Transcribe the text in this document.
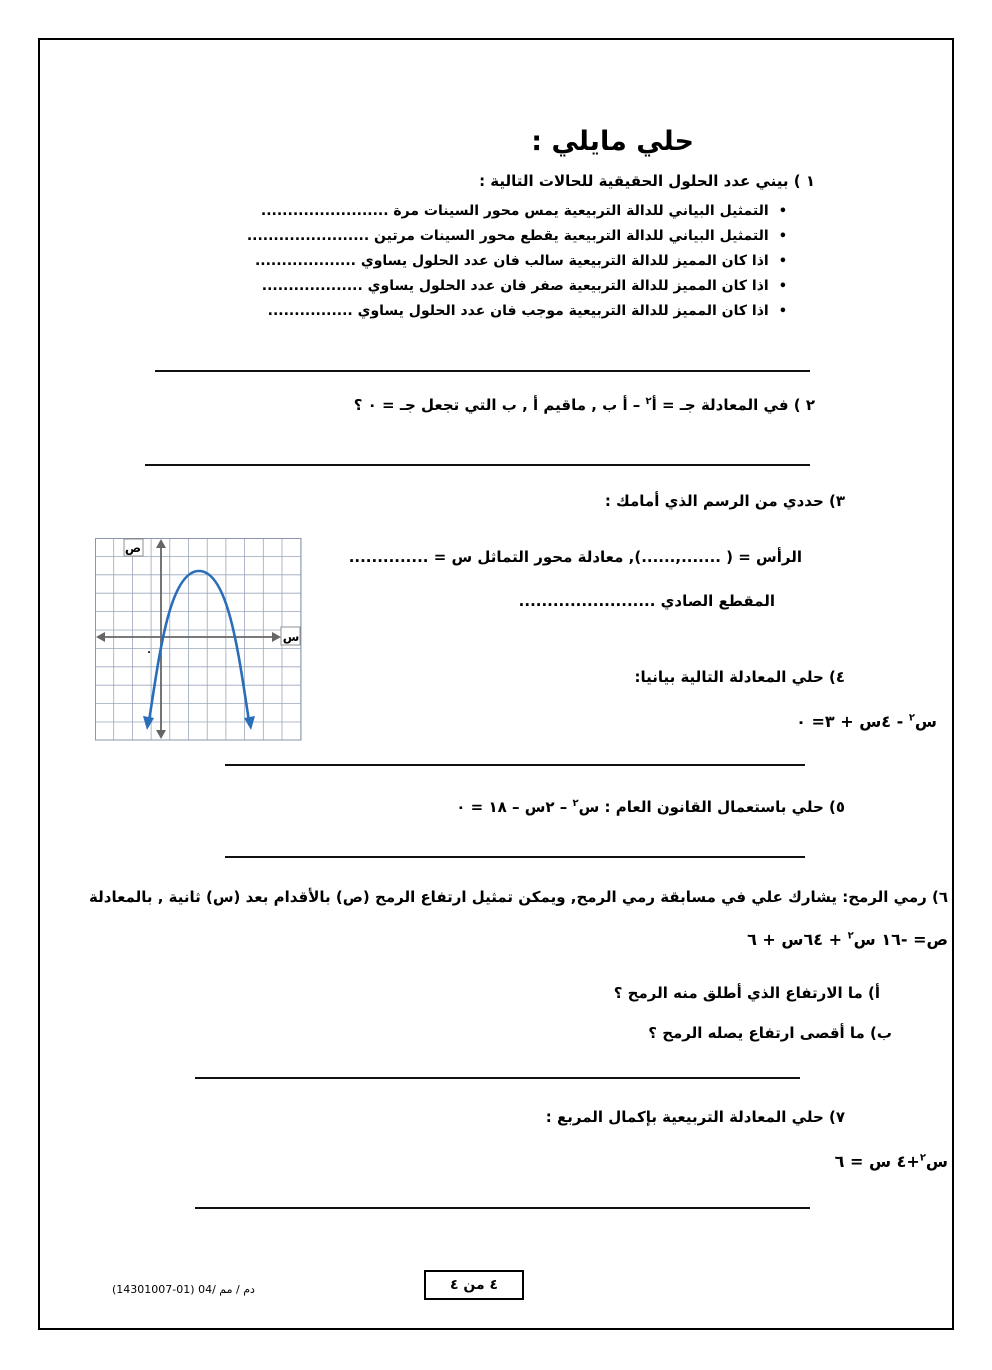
حلي مايلي :
١ ) بيني عدد الحلول الحقيقية للحالات التالية :
•
التمثيل البياني للدالة التربيعية يمس محور السينات مرة ........................
•
التمثيل البياني للدالة التربيعية يقطع محور السينات مرتين .......................
•
اذا كان المميز للدالة التربيعية سالب فان عدد الحلول يساوي ...................
•
اذا كان المميز للدالة التربيعية صفر فان عدد الحلول يساوي ...................
•
اذا كان المميز للدالة التربيعية موجب فان عدد الحلول يساوي ................
٢ ) في المعادلة جـ = أ$^٢$ – أ ب , ماقيم أ , ب التي تجعل جـ = ٠ ؟
٣) حددي من الرسم الذي أمامك :
ص
س
٠
الرأس = ( .......,......), معادلة محور التماثل س = ..............
المقطع الصادي ........................
٤) حلي المعادلة التالية بيانيا:
س$^٢$ - ٤س + ٣= ٠
٥) حلي باستعمال القانون العام : س$^٢$ – ٢س – ١٨ = ٠
٦) رمي الرمح: يشارك علي في مسابقة رمي الرمح, ويمكن تمثيل ارتفاع الرمح (ص) بالأقدام بعد (س) ثانية , بالمعادلة
ص= -١٦ س$^٢$ + ٦٤س + ٦
أ) ما الارتفاع الذي أطلق منه الرمح ؟
ب) ما أقصى ارتفاع يصله الرمح ؟
٧) حلي المعادلة التربيعية بإكمال المربع :
س$^٢$+٤ س = ٦
دم / مم /04 (01-14301007)	٤ من ٤
